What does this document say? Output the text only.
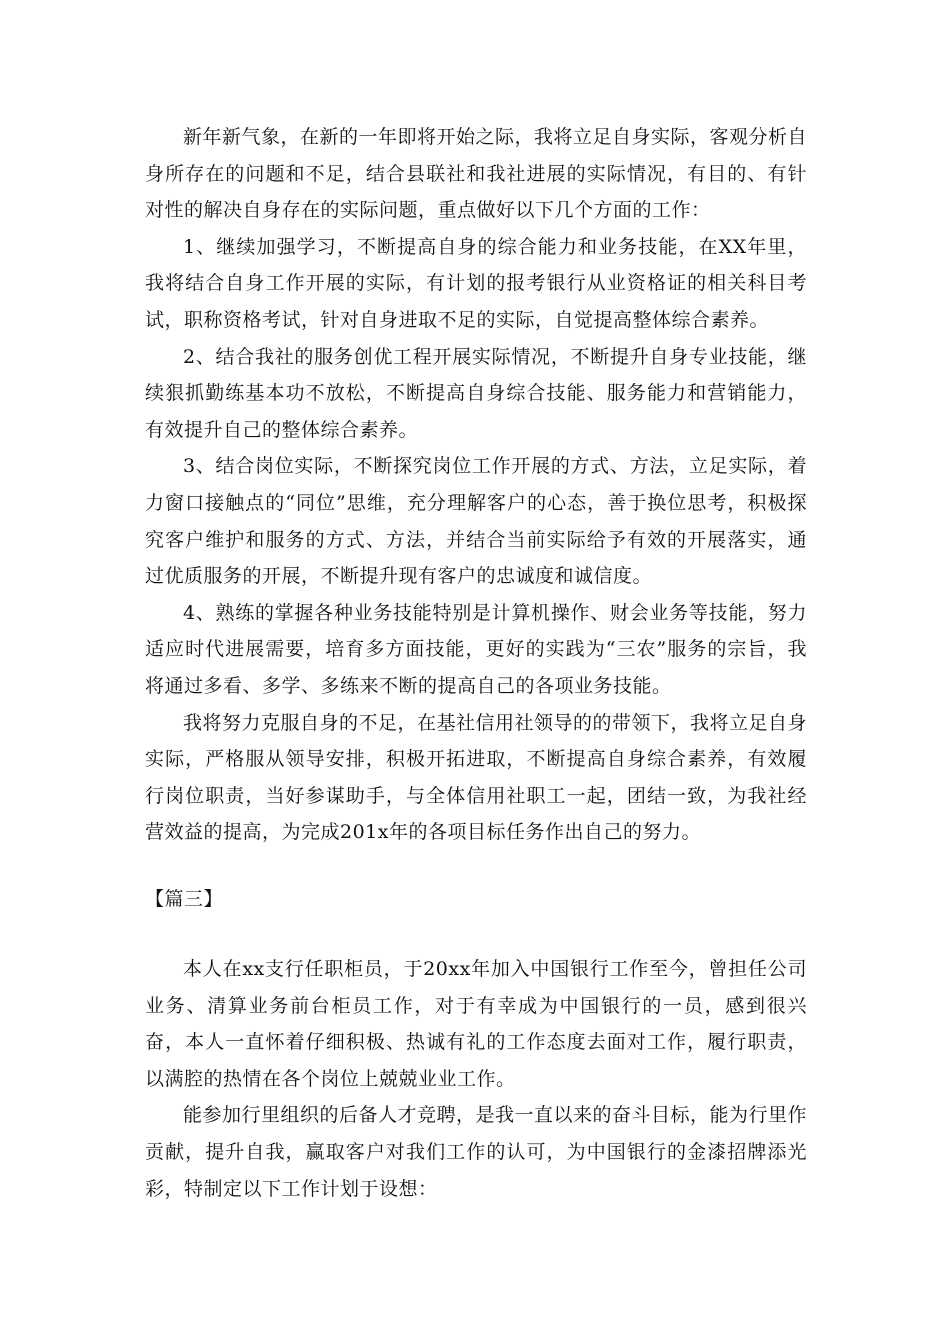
新年新气象，在新的一年即将开始之际，我将立足自身实际，客观分析自身所存在的问题和不足，结合县联社和我社进展的实际情况，有目的、有针对性的解决自身存在的实际问题，重点做好以下几个方面的工作：

1、继续加强学习，不断提高自身的综合能力和业务技能，在XX年里，我将结合自身工作开展的实际，有计划的报考银行从业资格证的相关科目考试，职称资格考试，针对自身进取不足的实际，自觉提高整体综合素养。

2、结合我社的服务创优工程开展实际情况，不断提升自身专业技能，继续狠抓勤练基本功不放松，不断提高自身综合技能、服务能力和营销能力，有效提升自己的整体综合素养。

3、结合岗位实际，不断探究岗位工作开展的方式、方法，立足实际，着力窗口接触点的“同位”思维，充分理解客户的心态，善于换位思考，积极探究客户维护和服务的方式、方法，并结合当前实际给予有效的开展落实，通过优质服务的开展，不断提升现有客户的忠诚度和诚信度。

4、熟练的掌握各种业务技能特别是计算机操作、财会业务等技能，努力适应时代进展需要，培育多方面技能，更好的实践为“三农”服务的宗旨，我将通过多看、多学、多练来不断的提高自己的各项业务技能。

我将努力克服自身的不足，在基社信用社领导的的带领下，我将立足自身实际，严格服从领导安排，积极开拓进取，不断提高自身综合素养，有效履行岗位职责，当好参谋助手，与全体信用社职工一起，团结一致，为我社经营效益的提高，为完成201x年的各项目标任务作出自己的努力。

【篇三】

本人在xx支行任职柜员，于20xx年加入中国银行工作至今，曾担任公司业务、清算业务前台柜员工作，对于有幸成为中国银行的一员，感到很兴奋，本人一直怀着仔细积极、热诚有礼的工作态度去面对工作，履行职责，以满腔的热情在各个岗位上兢兢业业工作。

能参加行里组织的后备人才竞聘，是我一直以来的奋斗目标，能为行里作贡献，提升自我，赢取客户对我们工作的认可，为中国银行的金漆招牌添光彩，特制定以下工作计划于设想：
